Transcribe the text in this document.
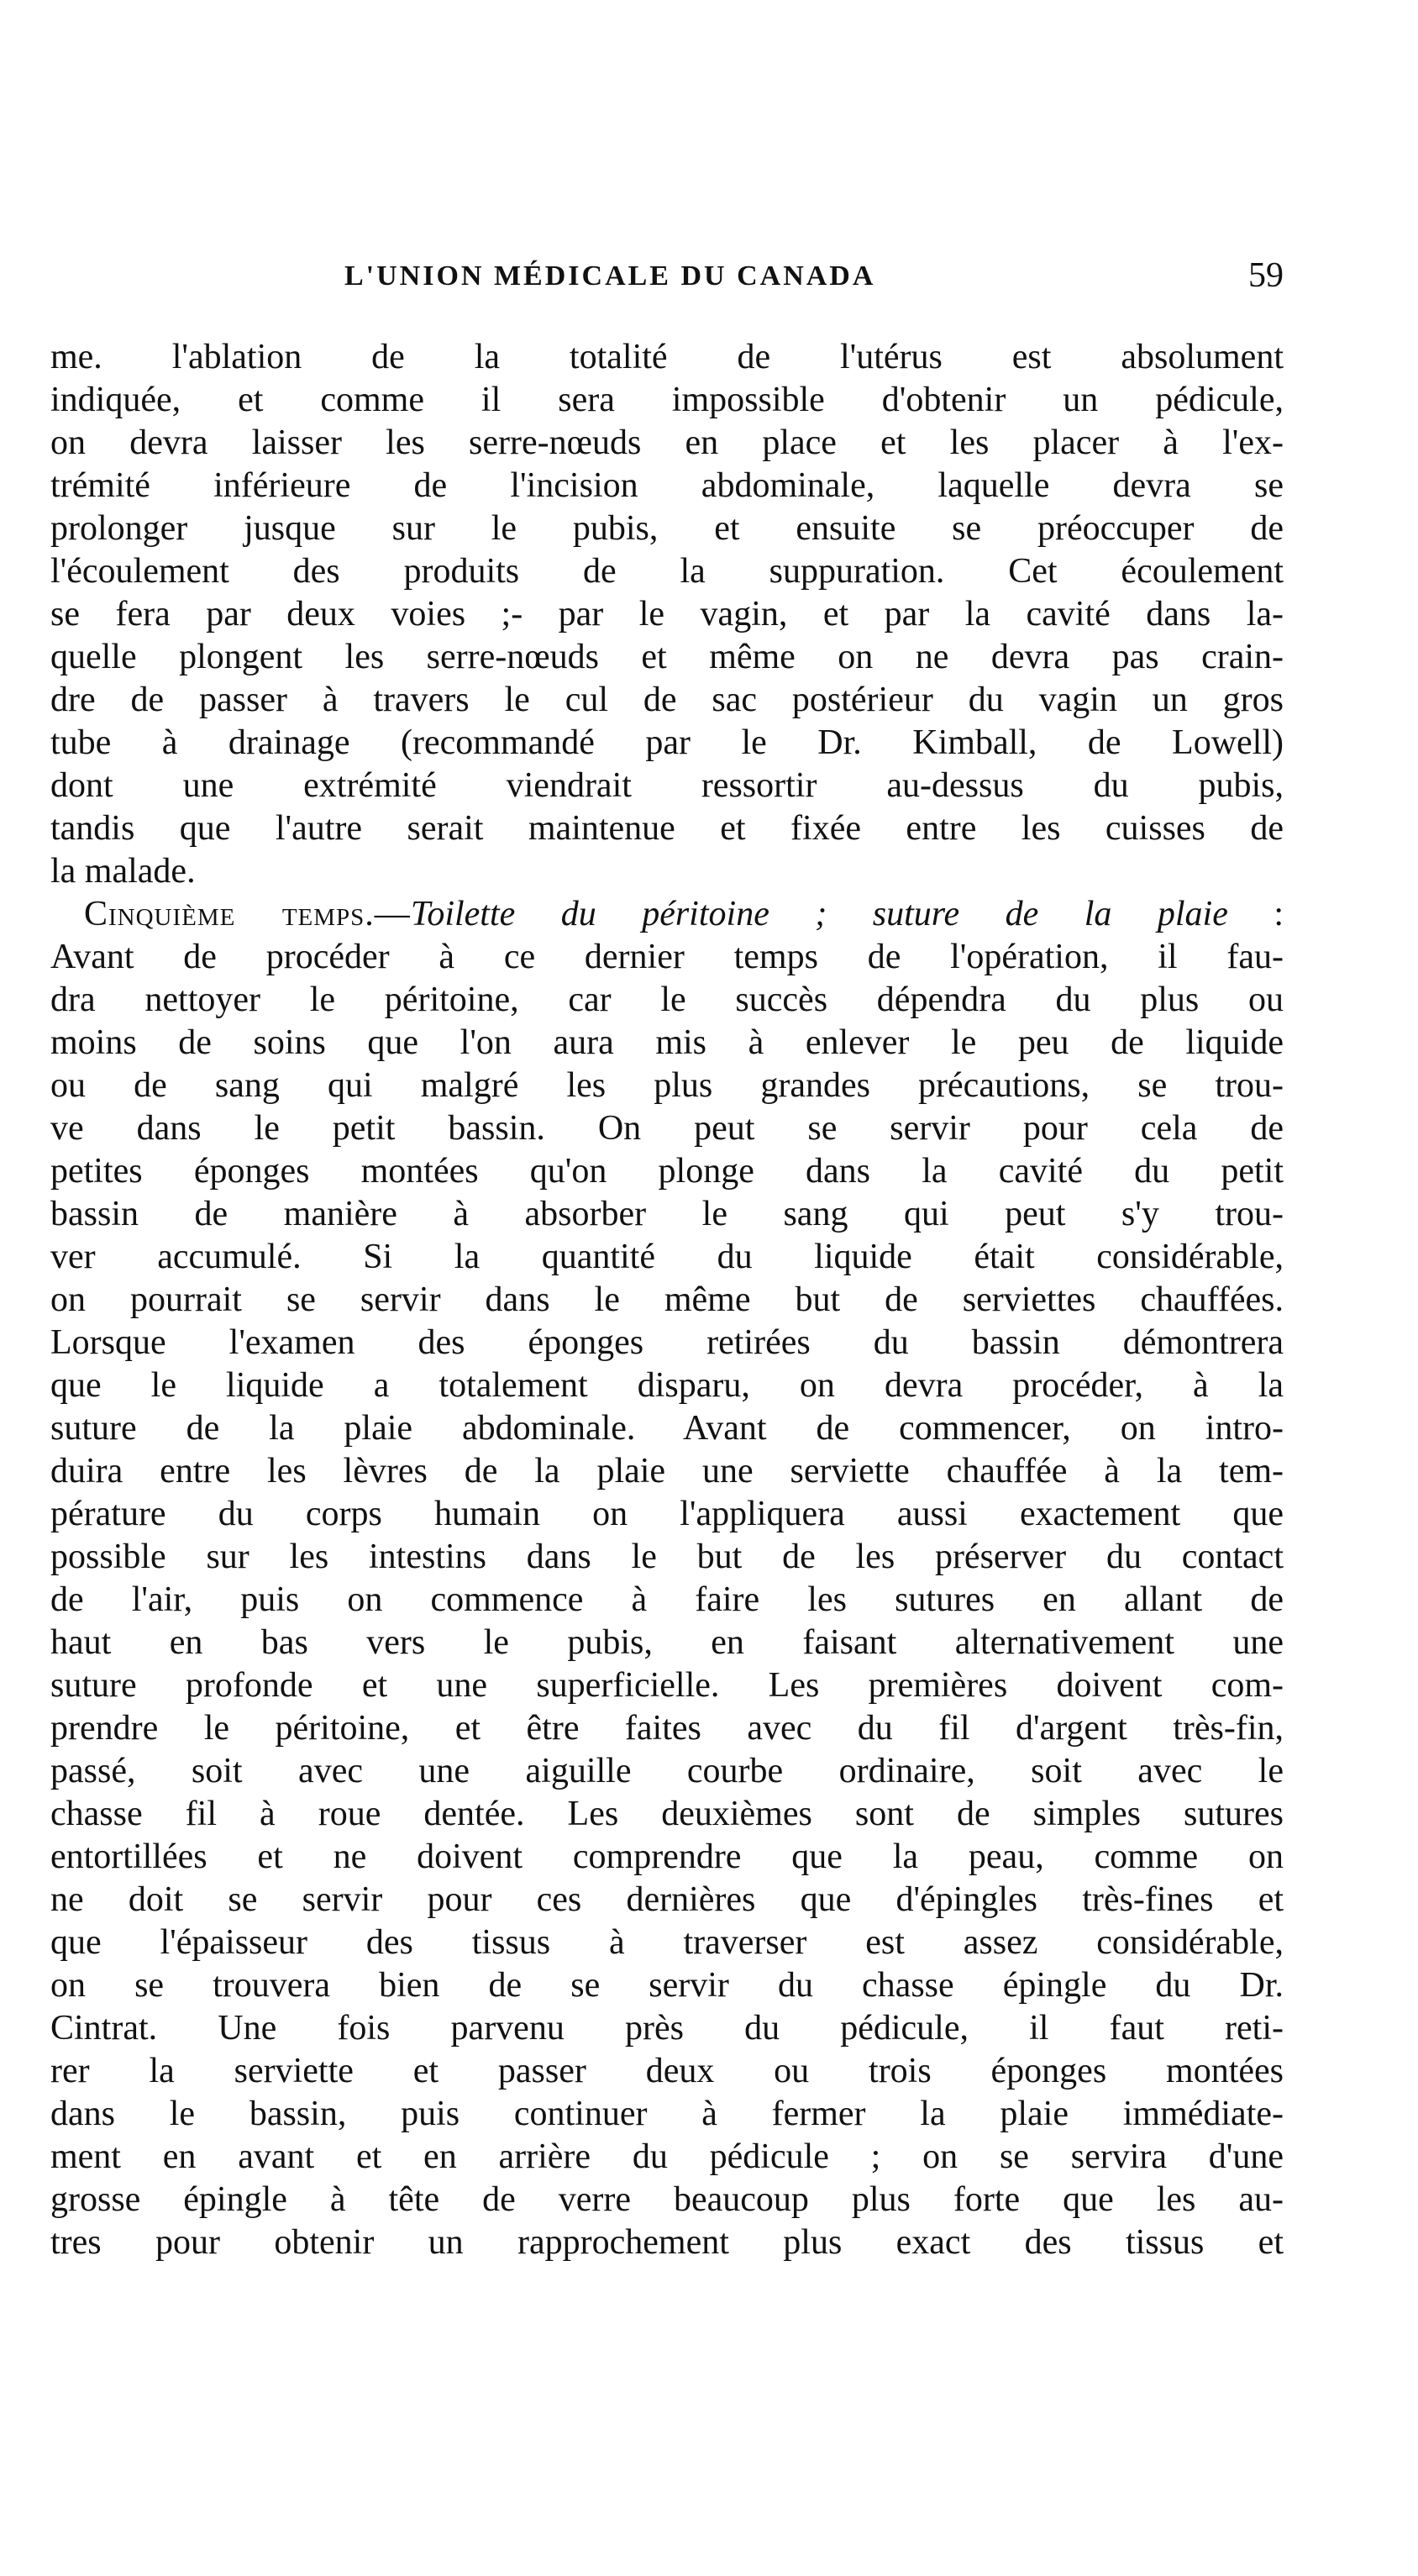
L'UNION MÉDICALE DU CANADA	59
me. l'ablation de la totalité de l'utérus est absolument
indiquée, et comme il sera impossible d'obtenir un pédicule,
on devra laisser les serre-nœuds en place et les placer à l'ex-
trémité inférieure de l'incision abdominale, laquelle devra se
prolonger jusque sur le pubis, et ensuite se préoccuper de
l'écoulement des produits de la suppuration. Cet écoulement
se fera par deux voies ;- par le vagin, et par la cavité dans la-
quelle plongent les serre-nœuds et même on ne devra pas crain-
dre de passer à travers le cul de sac postérieur du vagin un gros
tube à drainage (recommandé par le Dr. Kimball, de Lowell)
dont une extrémité viendrait ressortir au-dessus du pubis,
tandis que l'autre serait maintenue et fixée entre les cuisses de
la malade.
Cinquième temps.—Toilette du péritoine ; suture de la plaie :
Avant de procéder à ce dernier temps de l'opération, il fau-
dra nettoyer le péritoine, car le succès dépendra du plus ou
moins de soins que l'on aura mis à enlever le peu de liquide
ou de sang qui malgré les plus grandes précautions, se trou-
ve dans le petit bassin. On peut se servir pour cela de
petites éponges montées qu'on plonge dans la cavité du petit
bassin de manière à absorber le sang qui peut s'y trou-
ver accumulé. Si la quantité du liquide était considérable,
on pourrait se servir dans le même but de serviettes chauffées.
Lorsque l'examen des éponges retirées du bassin démontrera
que le liquide a totalement disparu, on devra procéder, à la
suture de la plaie abdominale. Avant de commencer, on intro-
duira entre les lèvres de la plaie une serviette chauffée à la tem-
pérature du corps humain on l'appliquera aussi exactement que
possible sur les intestins dans le but de les préserver du contact
de l'air, puis on commence à faire les sutures en allant de
haut en bas vers le pubis, en faisant alternativement une
suture profonde et une superficielle. Les premières doivent com-
prendre le péritoine, et être faites avec du fil d'argent très-fin,
passé, soit avec une aiguille courbe ordinaire, soit avec le
chasse fil à roue dentée. Les deuxièmes sont de simples sutures
entortillées et ne doivent comprendre que la peau, comme on
ne doit se servir pour ces dernières que d'épingles très-fines et
que l'épaisseur des tissus à traverser est assez considérable,
on se trouvera bien de se servir du chasse épingle du Dr.
Cintrat. Une fois parvenu près du pédicule, il faut reti-
rer la serviette et passer deux ou trois éponges montées
dans le bassin, puis continuer à fermer la plaie immédiate-
ment en avant et en arrière du pédicule ; on se servira d'une
grosse épingle à tête de verre beaucoup plus forte que les au-
tres pour obtenir un rapprochement plus exact des tissus et
